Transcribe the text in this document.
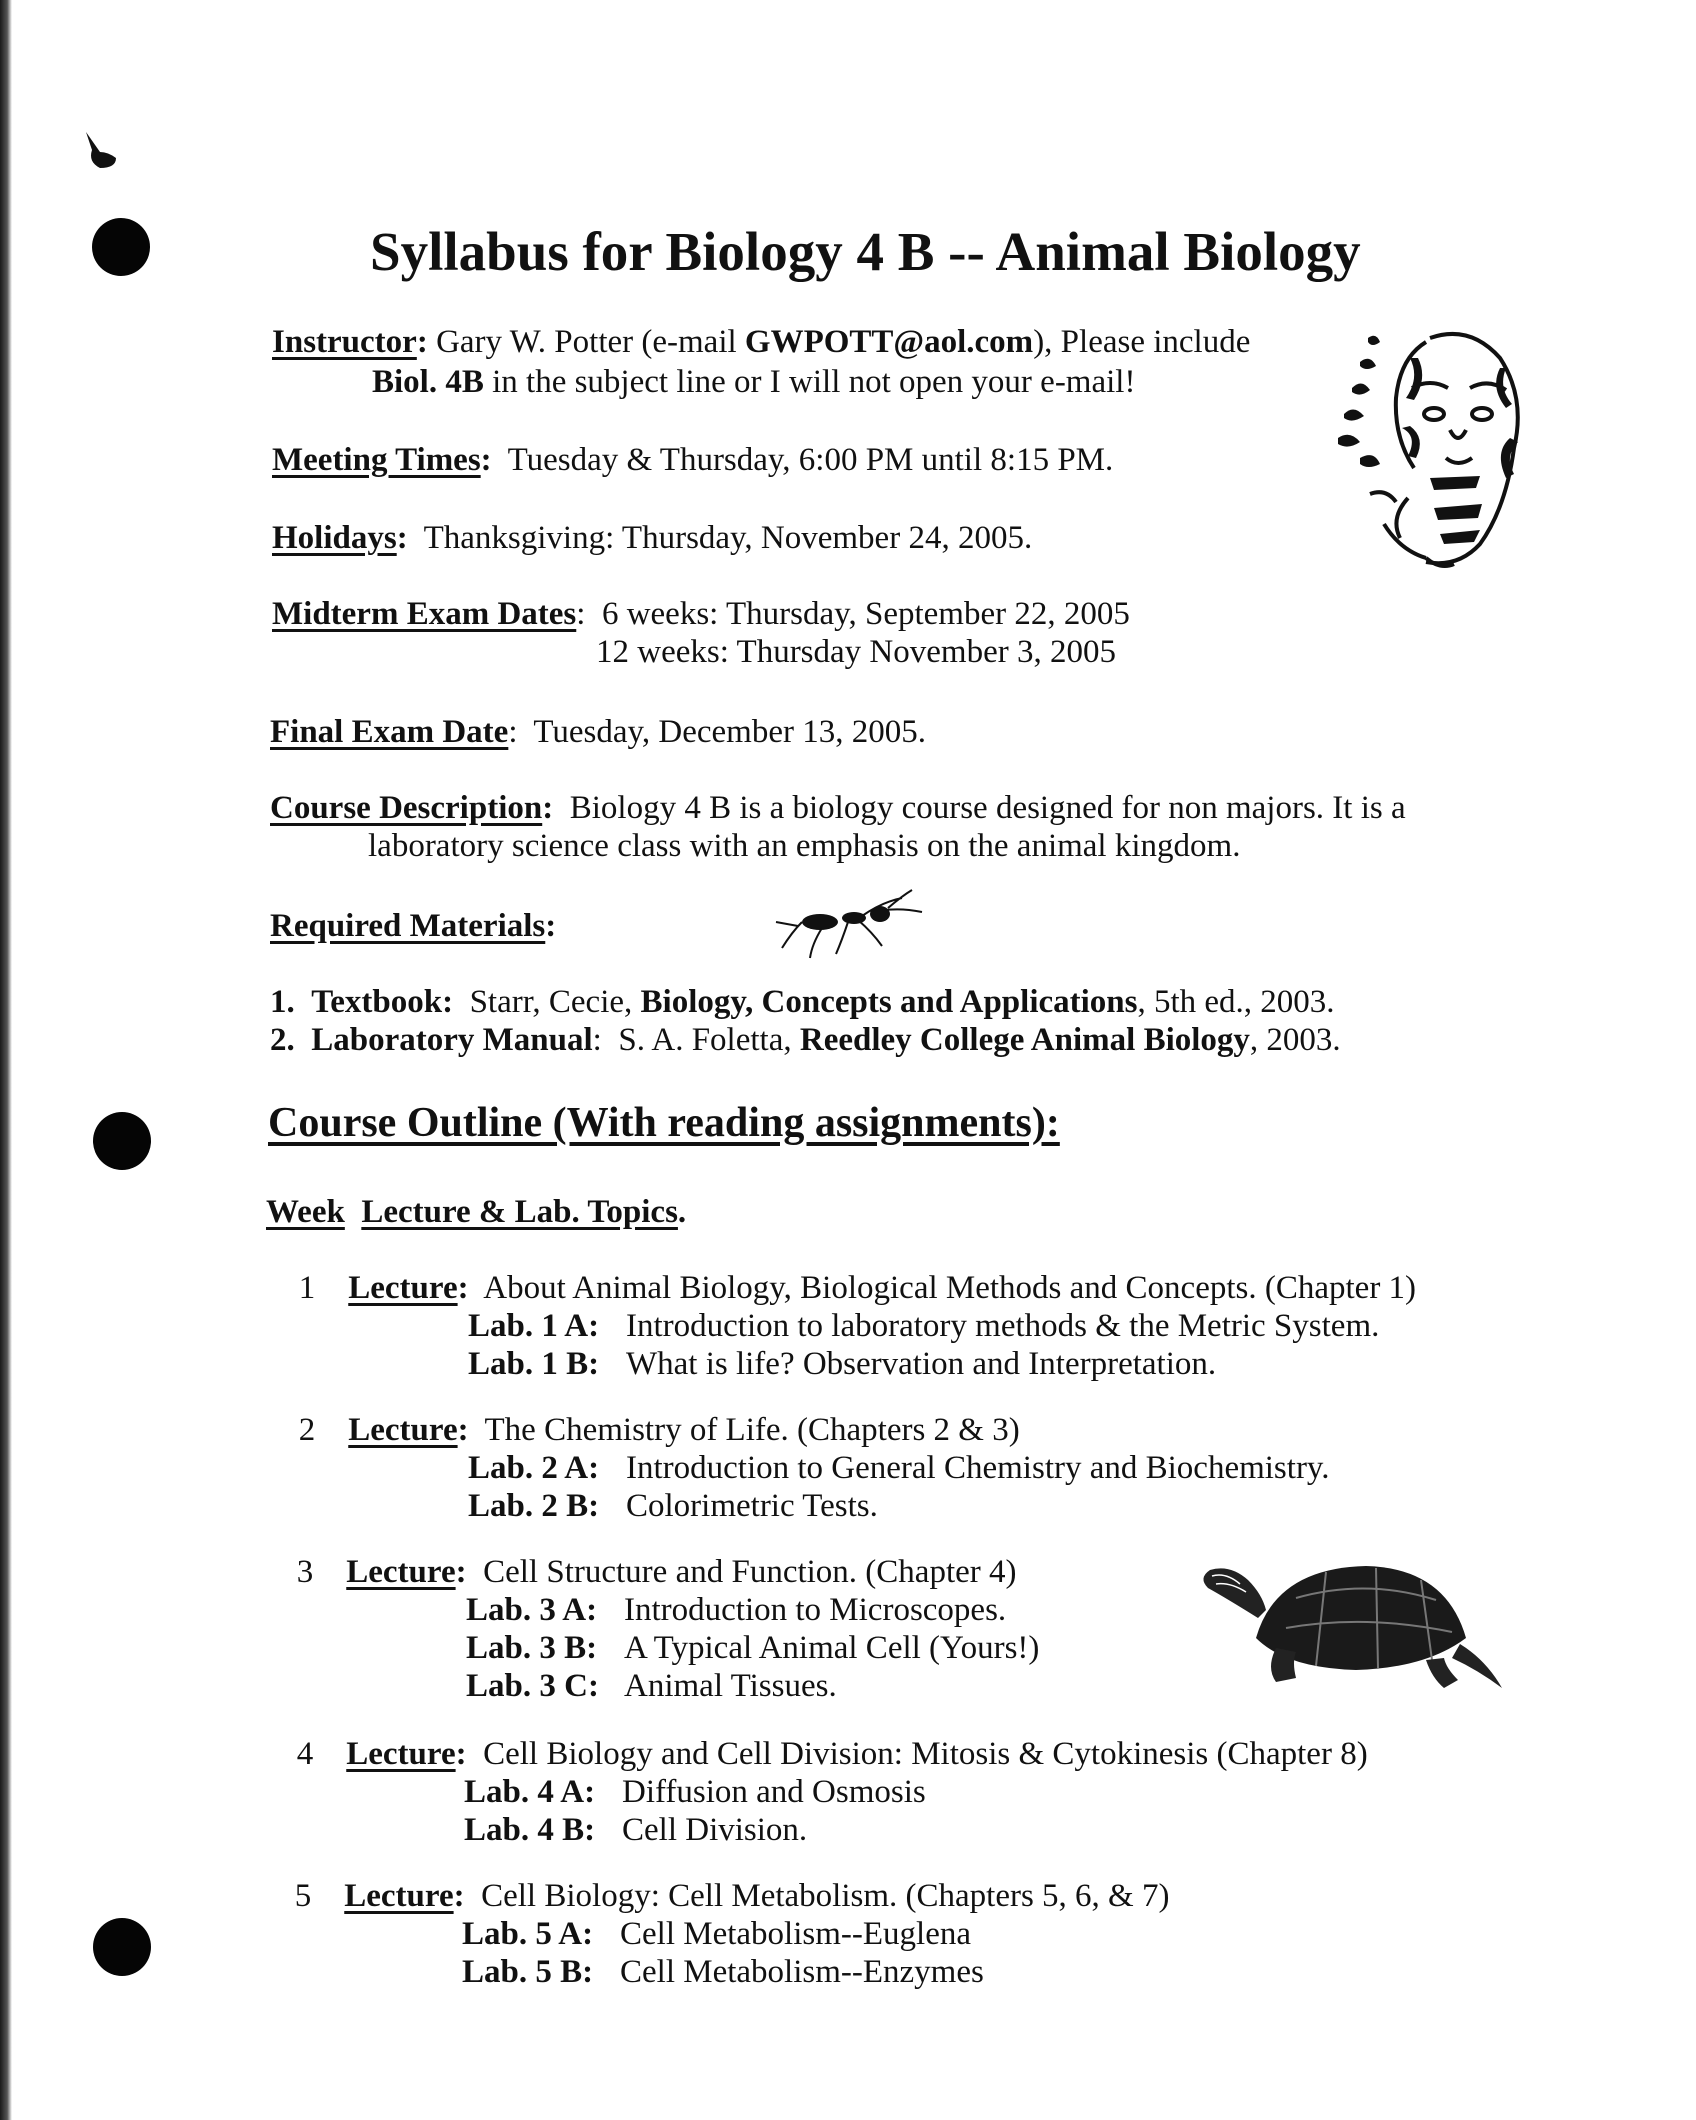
Syllabus for Biology 4 B -- Animal Biology
Instructor: Gary W. Potter (e-mail GWPOTT@aol.com), Please include
Biol. 4B in the subject line or I will not open your e-mail!
Meeting Times: Tuesday & Thursday, 6:00 PM until 8:15 PM.
Holidays: Thanksgiving: Thursday, November 24, 2005.
Midterm Exam Dates: 6 weeks: Thursday, September 22, 2005
12 weeks: Thursday November 3, 2005
Final Exam Date: Tuesday, December 13, 2005.
Course Description: Biology 4 B is a biology course designed for non majors. It is a
laboratory science class with an emphasis on the animal kingdom.
Required Materials:
1. Textbook: Starr, Cecie, Biology, Concepts and Applications, 5th ed., 2003.
2. Laboratory Manual: S. A. Foletta, Reedley College Animal Biology, 2003.
Course Outline (With reading assignments):
Week Lecture & Lab. Topics.
1 Lecture: About Animal Biology, Biological Methods and Concepts. (Chapter 1)
Lab. 1 A: Introduction to laboratory methods & the Metric System.
Lab. 1 B: What is life? Observation and Interpretation.
2 Lecture: The Chemistry of Life. (Chapters 2 & 3)
Lab. 2 A: Introduction to General Chemistry and Biochemistry.
Lab. 2 B: Colorimetric Tests.
3 Lecture: Cell Structure and Function. (Chapter 4)
Lab. 3 A: Introduction to Microscopes.
Lab. 3 B: A Typical Animal Cell (Yours!)
Lab. 3 C: Animal Tissues.
4 Lecture: Cell Biology and Cell Division: Mitosis & Cytokinesis (Chapter 8)
Lab. 4 A: Diffusion and Osmosis
Lab. 4 B: Cell Division.
5 Lecture: Cell Biology: Cell Metabolism. (Chapters 5, 6, & 7)
Lab. 5 A: Cell Metabolism--Euglena
Lab. 5 B: Cell Metabolism--Enzymes
